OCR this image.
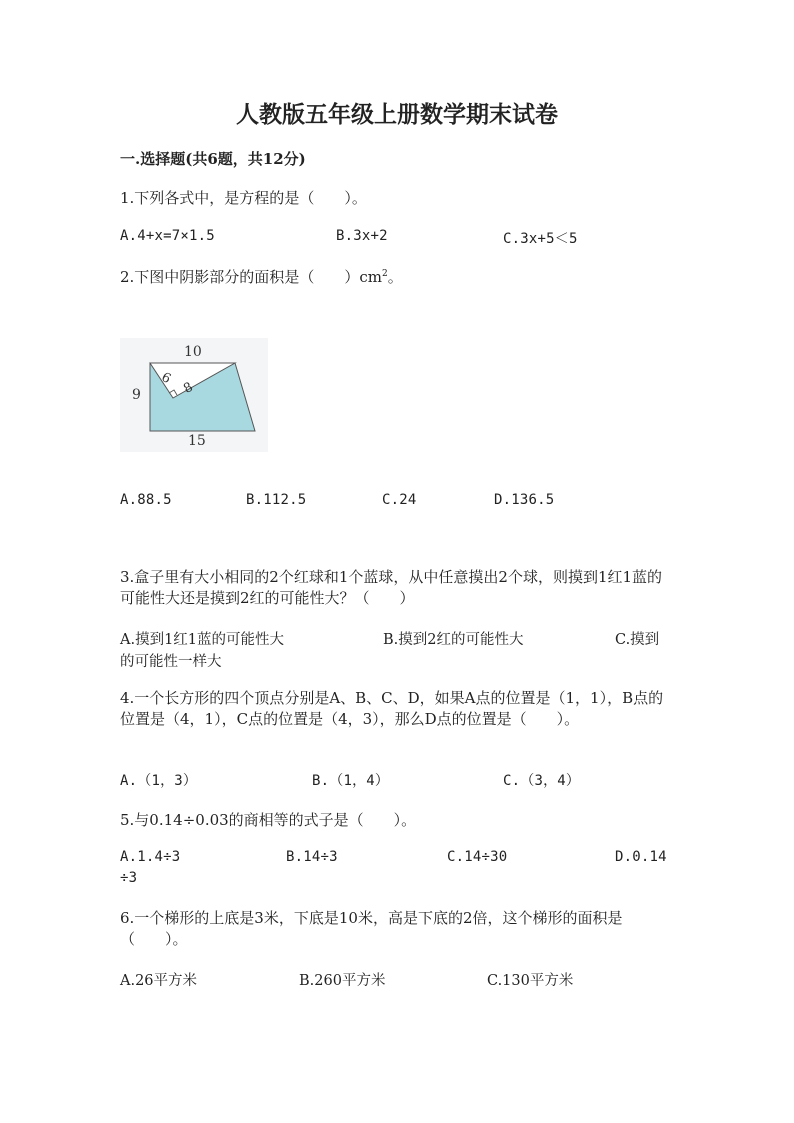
人教版五年级上册数学期末试卷
一.选择题(共6题，共12分)
1.下列各式中，是方程的是（　　）。
A.4+x=7×1.5	B.3x+2	C.3x+5＜5
2.下图中阴影部分的面积是（　　）$cm^2$。
10
9
15
6
8
A.88.5	B.112.5	C.24	D.136.5
3.盒子里有大小相同的2个红球和1个蓝球，从中任意摸出2个球，则摸到1红1蓝的可能性大还是摸到2红的可能性大？（　　）
A.摸到1红1蓝的可能性大	B.摸到2红的可能性大	C.摸到
的可能性一样大
4.一个长方形的四个顶点分别是A、B、C、D，如果A点的位置是（1，1），B点的位置是（4，1），C点的位置是（4，3），那么D点的位置是（　　）。
A.（1，3）	B.（1，4）	C.（3，4）
5.与0.14÷0.03的商相等的式子是（　　）。
A.1.4÷3	B.14÷3	C.14÷30	D.0.14
÷3
6.一个梯形的上底是3米，下底是10米，高是下底的2倍，这个梯形的面积是（　　）。
A.26平方米	B.260平方米	C.130平方米
